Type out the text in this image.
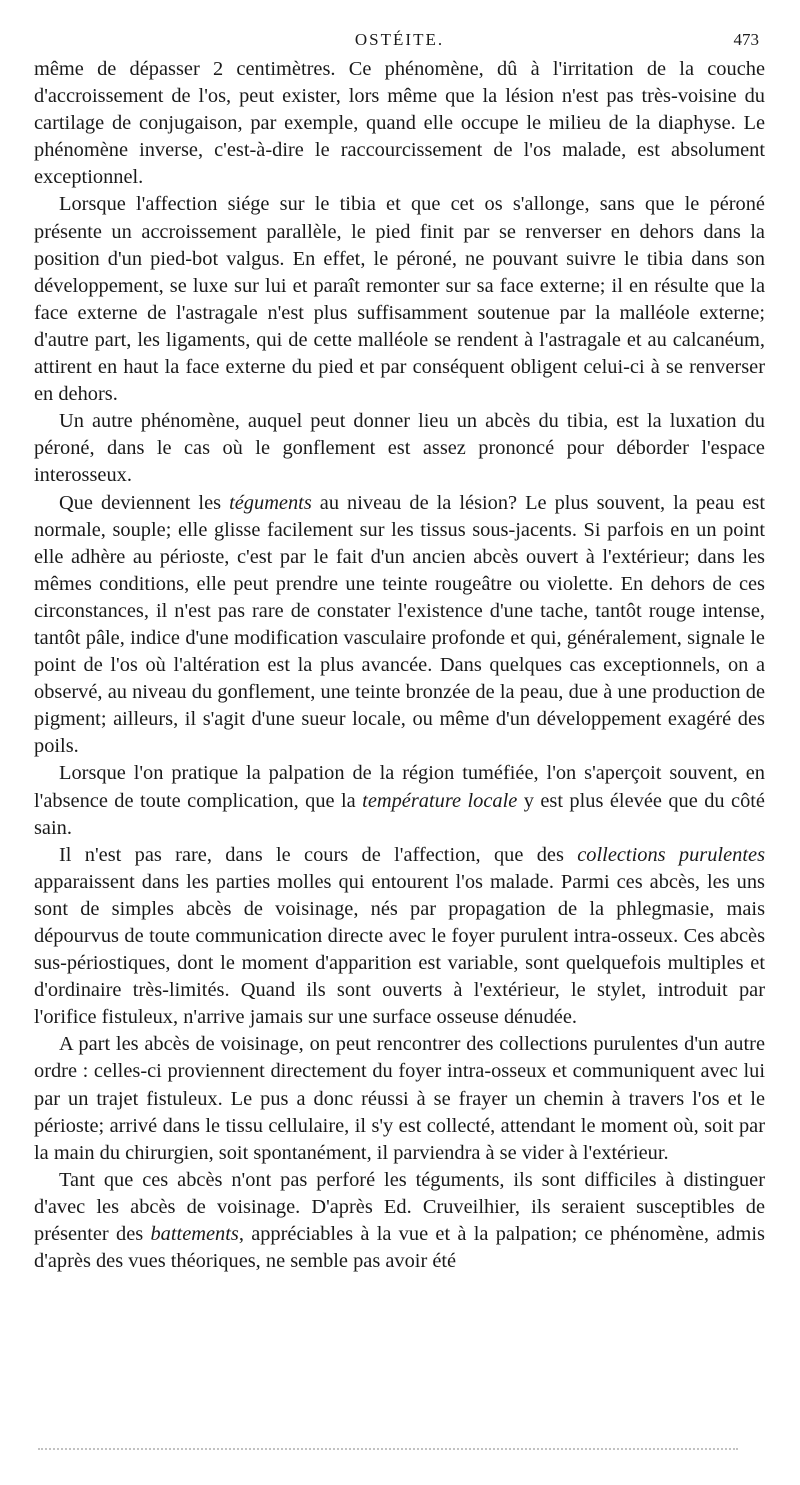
OSTÉITE.	473

même de dépasser 2 centimètres. Ce phénomène, dû à l'irritation de la couche d'accroissement de l'os, peut exister, lors même que la lésion n'est pas très-voisine du cartilage de conjugaison, par exemple, quand elle occupe le milieu de la diaphyse. Le phénomène inverse, c'est-à-dire le raccourcissement de l'os malade, est absolument exceptionnel.

Lorsque l'affection siége sur le tibia et que cet os s'allonge, sans que le péroné présente un accroissement parallèle, le pied finit par se renverser en dehors dans la position d'un pied-bot valgus. En effet, le péroné, ne pouvant suivre le tibia dans son développement, se luxe sur lui et paraît remonter sur sa face externe; il en résulte que la face externe de l'astragale n'est plus suffisamment soutenue par la malléole externe; d'autre part, les ligaments, qui de cette malléole se rendent à l'astragale et au calcanéum, attirent en haut la face externe du pied et par conséquent obligent celui-ci à se renverser en dehors.

Un autre phénomène, auquel peut donner lieu un abcès du tibia, est la luxation du péroné, dans le cas où le gonflement est assez prononcé pour déborder l'espace interosseux.

Que deviennent les téguments au niveau de la lésion? Le plus souvent, la peau est normale, souple; elle glisse facilement sur les tissus sous-jacents. Si parfois en un point elle adhère au périoste, c'est par le fait d'un ancien abcès ouvert à l'extérieur; dans les mêmes conditions, elle peut prendre une teinte rougeâtre ou violette. En dehors de ces circonstances, il n'est pas rare de constater l'existence d'une tache, tantôt rouge intense, tantôt pâle, indice d'une modification vasculaire profonde et qui, généralement, signale le point de l'os où l'altération est la plus avancée. Dans quelques cas exceptionnels, on a observé, au niveau du gonflement, une teinte bronzée de la peau, due à une production de pigment; ailleurs, il s'agit d'une sueur locale, ou même d'un développement exagéré des poils.

Lorsque l'on pratique la palpation de la région tuméfiée, l'on s'aperçoit souvent, en l'absence de toute complication, que la température locale y est plus élevée que du côté sain.

Il n'est pas rare, dans le cours de l'affection, que des collections purulentes apparaissent dans les parties molles qui entourent l'os malade. Parmi ces abcès, les uns sont de simples abcès de voisinage, nés par propagation de la phlegmasie, mais dépourvus de toute communication directe avec le foyer purulent intra-osseux. Ces abcès sus-périostiques, dont le moment d'apparition est variable, sont quelquefois multiples et d'ordinaire très-limités. Quand ils sont ouverts à l'extérieur, le stylet, introduit par l'orifice fistuleux, n'arrive jamais sur une surface osseuse dénudée.

A part les abcès de voisinage, on peut rencontrer des collections purulentes d'un autre ordre : celles-ci proviennent directement du foyer intra-osseux et communiquent avec lui par un trajet fistuleux. Le pus a donc réussi à se frayer un chemin à travers l'os et le périoste; arrivé dans le tissu cellulaire, il s'y est collecté, attendant le moment où, soit par la main du chirurgien, soit spontanément, il parviendra à se vider à l'extérieur.

Tant que ces abcès n'ont pas perforé les téguments, ils sont difficiles à distinguer d'avec les abcès de voisinage. D'après Ed. Cruveilhier, ils seraient susceptibles de présenter des battements, appréciables à la vue et à la palpation; ce phénomène, admis d'après des vues théoriques, ne semble pas avoir été
